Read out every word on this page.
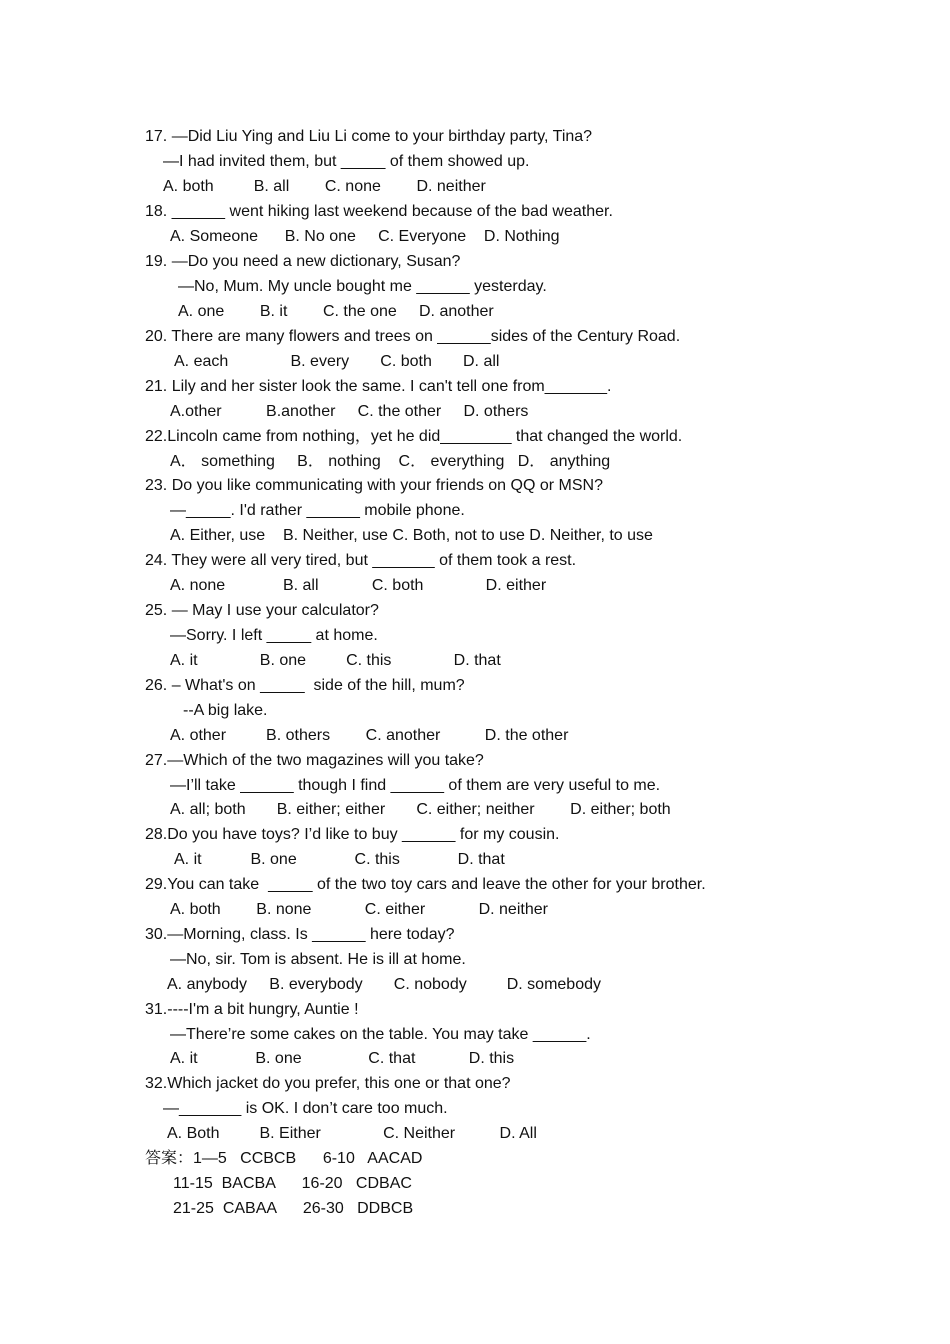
17. —Did Liu Ying and Liu Li come to your birthday party, Tina?
—I had invited them, but _____ of them showed up.
A. both         B. all        C. none        D. neither
18. ______ went hiking last weekend because of the bad weather.
A. Someone      B. No one     C. Everyone    D. Nothing
19. —Do you need a new dictionary, Susan?
—No, Mum. My uncle bought me ______ yesterday.
A. one        B. it        C. the one     D. another
20. There are many flowers and trees on ______sides of the Century Road.
A. each              B. every       C. both       D. all
21. Lily and her sister look the same. I can't tell one from_______.
A.other          B.another     C. the other     D. others
22.Lincoln came from nothing，yet he did________ that changed the world.
A． something     B． nothing    C． everything   D． anything
23. Do you like communicating with your friends on QQ or MSN?
—_____. I'd rather ______ mobile phone.
A. Either, use    B. Neither, use C. Both, not to use D. Neither, to use
24. They were all very tired, but _______ of them took a rest.
A. none             B. all            C. both              D. either
25. — May I use your calculator?
—Sorry. I left _____ at home.
A. it              B. one         C. this              D. that
26. – What's on _____  side of the hill, mum?
--A big lake.
A. other         B. others        C. another          D. the other
27.—Which of the two magazines will you take?
—I’ll take ______ though I find ______ of them are very useful to me.
A. all; both       B. either; either       C. either; neither        D. either; both
28.Do you have toys? I’d like to buy ______ for my cousin.
A. it           B. one             C. this             D. that
29.You can take  _____ of the two toy cars and leave the other for your brother.
A. both        B. none            C. either            D. neither
30.—Morning, class. Is ______ here today?
—No, sir. Tom is absent. He is ill at home.
A. anybody     B. everybody       C. nobody         D. somebody
31.----I'm a bit hungry, Auntie !
—There’re some cakes on the table. You may take ______.
A. it             B. one               C. that            D. this
32.Which jacket do you prefer, this one or that one?
—_______ is OK. I don’t care too much.
A. Both         B. Either              C. Neither          D. All
答案：1—5   CCBCB      6-10   AACAD
11-15  BACBA      16-20   CDBAC
21-25  CABAA      26-30   DDBCB
